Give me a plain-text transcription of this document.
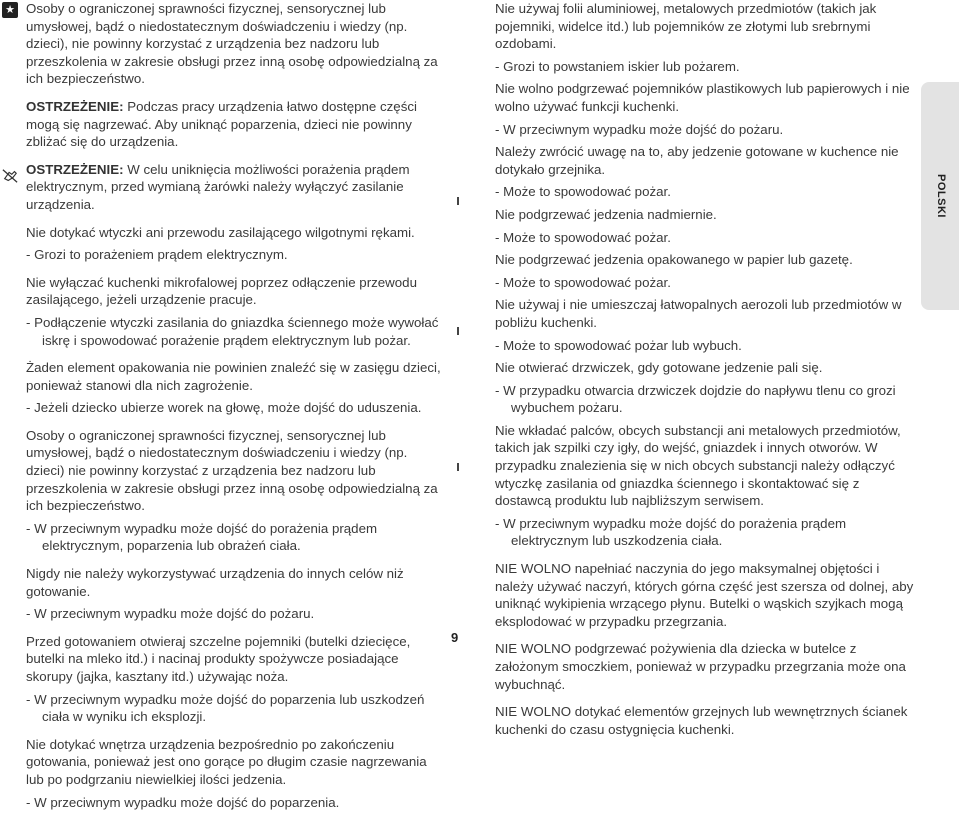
★ Osoby o ograniczonej sprawności fizycznej, sensorycznej lub umysłowej, bądź o niedostatecznym doświadczeniu i wiedzy (np. dzieci), nie powinny korzystać z urządzenia bez nadzoru lub przeszkolenia w zakresie obsługi przez inną osobę odpowiedzialną za ich bezpieczeństwo.

OSTRZEŻENIE: Podczas pracy urządzenia łatwo dostępne części mogą się nagrzewać. Aby uniknąć poparzenia, dzieci nie powinny zbliżać się do urządzenia.

OSTRZEŻENIE: W celu uniknięcia możliwości porażenia prądem elektrycznym, przed wymianą żarówki należy wyłączyć zasilanie urządzenia.

Nie dotykać wtyczki ani przewodu zasilającego wilgotnymi rękami.

- Grozi to porażeniem prądem elektrycznym.

Nie wyłączać kuchenki mikrofalowej poprzez odłączenie przewodu zasilającego, jeżeli urządzenie pracuje.

- Podłączenie wtyczki zasilania do gniazdka ściennego może wywołać iskrę i spowodować porażenie prądem elektrycznym lub pożar.

Żaden element opakowania nie powinien znaleźć się w zasięgu dzieci, ponieważ stanowi dla nich zagrożenie.

- Jeżeli dziecko ubierze worek na głowę, może dojść do uduszenia.

Osoby o ograniczonej sprawności fizycznej, sensorycznej lub umysłowej, bądź o niedostatecznym doświadczeniu i wiedzy (np. dzieci) nie powinny korzystać z urządzenia bez nadzoru lub przeszkolenia w zakresie obsługi przez inną osobę odpowiedzialną za ich bezpieczeństwo.

- W przeciwnym wypadku może dojść do porażenia prądem elektrycznym, poparzenia lub obrażeń ciała.

Nigdy nie należy wykorzystywać urządzenia do innych celów niż gotowanie.

- W przeciwnym wypadku może dojść do pożaru.

Przed gotowaniem otwieraj szczelne pojemniki (butelki dziecięce, butelki na mleko itd.) i nacinaj produkty spożywcze posiadające skorupy (jajka, kasztany itd.) używając noża.

- W przeciwnym wypadku może dojść do poparzenia lub uszkodzeń ciała w wyniku ich eksplozji.

Nie dotykać wnętrza urządzenia bezpośrednio po zakończeniu gotowania, ponieważ jest ono gorące po długim czasie nagrzewania lub po podgrzaniu niewielkiej ilości jedzenia.

- W przeciwnym wypadku może dojść do poparzenia.

9

Nie używaj folii aluminiowej, metalowych przedmiotów (takich jak pojemniki, widelce itd.) lub pojemników ze złotymi lub srebrnymi ozdobami.

- Grozi to powstaniem iskier lub pożarem.

Nie wolno podgrzewać pojemników plastikowych lub papierowych i nie wolno używać funkcji kuchenki.

- W przeciwnym wypadku może dojść do pożaru.

Należy zwrócić uwagę na to, aby jedzenie gotowane w kuchence nie dotykało grzejnika.

- Może to spowodować pożar.

Nie podgrzewać jedzenia nadmiernie.

- Może to spowodować pożar.

Nie podgrzewać jedzenia opakowanego w papier lub gazetę.

- Może to spowodować pożar.

Nie używaj i nie umieszczaj łatwopalnych aerozoli lub przedmiotów w pobliżu kuchenki.

- Może to spowodować pożar lub wybuch.

Nie otwierać drzwiczek, gdy gotowane jedzenie pali się.

- W przypadku otwarcia drzwiczek dojdzie do napływu tlenu co grozi wybuchem pożaru.

Nie wkładać palców, obcych substancji ani metalowych przedmiotów, takich jak szpilki czy igły, do wejść, gniazdek i innych otworów. W przypadku znalezienia się w nich obcych substancji należy odłączyć wtyczkę zasilania od gniazdka ściennego i skontaktować się z dostawcą produktu lub najbliższym serwisem.

- W przeciwnym wypadku może dojść do porażenia prądem elektrycznym lub uszkodzenia ciała.

NIE WOLNO napełniać naczynia do jego maksymalnej objętości i należy używać naczyń, których górna część jest szersza od dolnej, aby uniknąć wykipienia wrzącego płynu. Butelki o wąskich szyjkach mogą eksplodować w przypadku przegrzania.

NIE WOLNO podgrzewać pożywienia dla dziecka w butelce z założonym smoczkiem, ponieważ w przypadku przegrzania może ona wybuchnąć.

NIE WOLNO dotykać elementów grzejnych lub wewnętrznych ścianek kuchenki do czasu ostygnięcia kuchenki.

POLSKI
